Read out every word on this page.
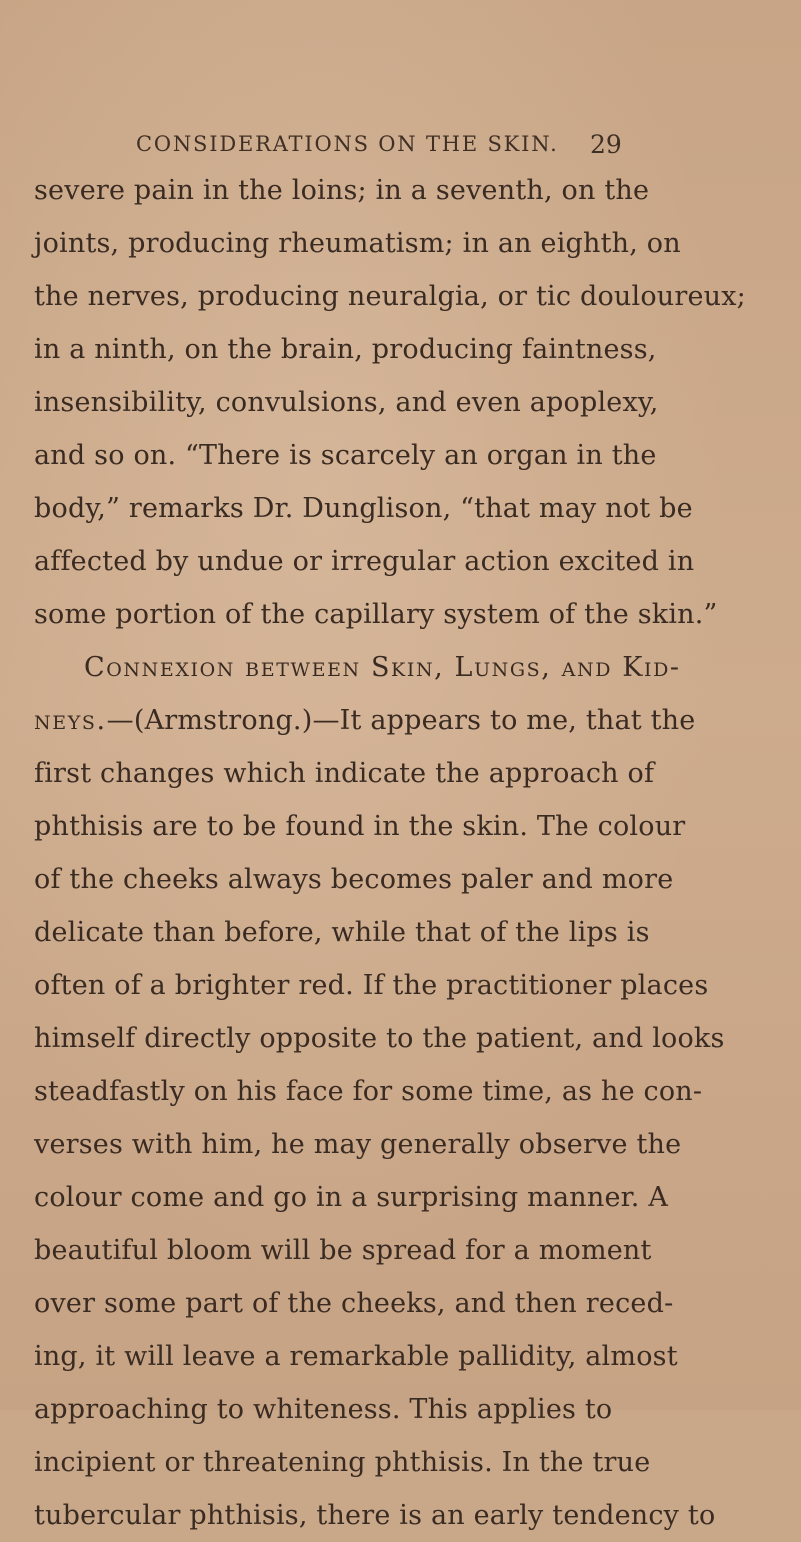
CONSIDERATIONS ON THE SKIN.	29
severe pain in the loins; in a seventh, on the
joints, producing rheumatism; in an eighth, on
the nerves, producing neuralgia, or tic douloureux;
in a ninth, on the brain, producing faintness,
insensibility, convulsions, and even apoplexy,
and so on. “There is scarcely an organ in the
body,” remarks Dr. Dunglison, “that may not be
affected by undue or irregular action excited in
some portion of the capillary system of the skin.”
Connexion between Skin, Lungs, and Kid-
neys.—(Armstrong.)—It appears to me, that the
first changes which indicate the approach of
phthisis are to be found in the skin. The colour
of the cheeks always becomes paler and more
delicate than before, while that of the lips is
often of a brighter red. If the practitioner places
himself directly opposite to the patient, and looks
steadfastly on his face for some time, as he con-
verses with him, he may generally observe the
colour come and go in a surprising manner. A
beautiful bloom will be spread for a moment
over some part of the cheeks, and then reced-
ing, it will leave a remarkable pallidity, almost
approaching to whiteness. This applies to
incipient or threatening phthisis. In the true
tubercular phthisis, there is an early tendency to
